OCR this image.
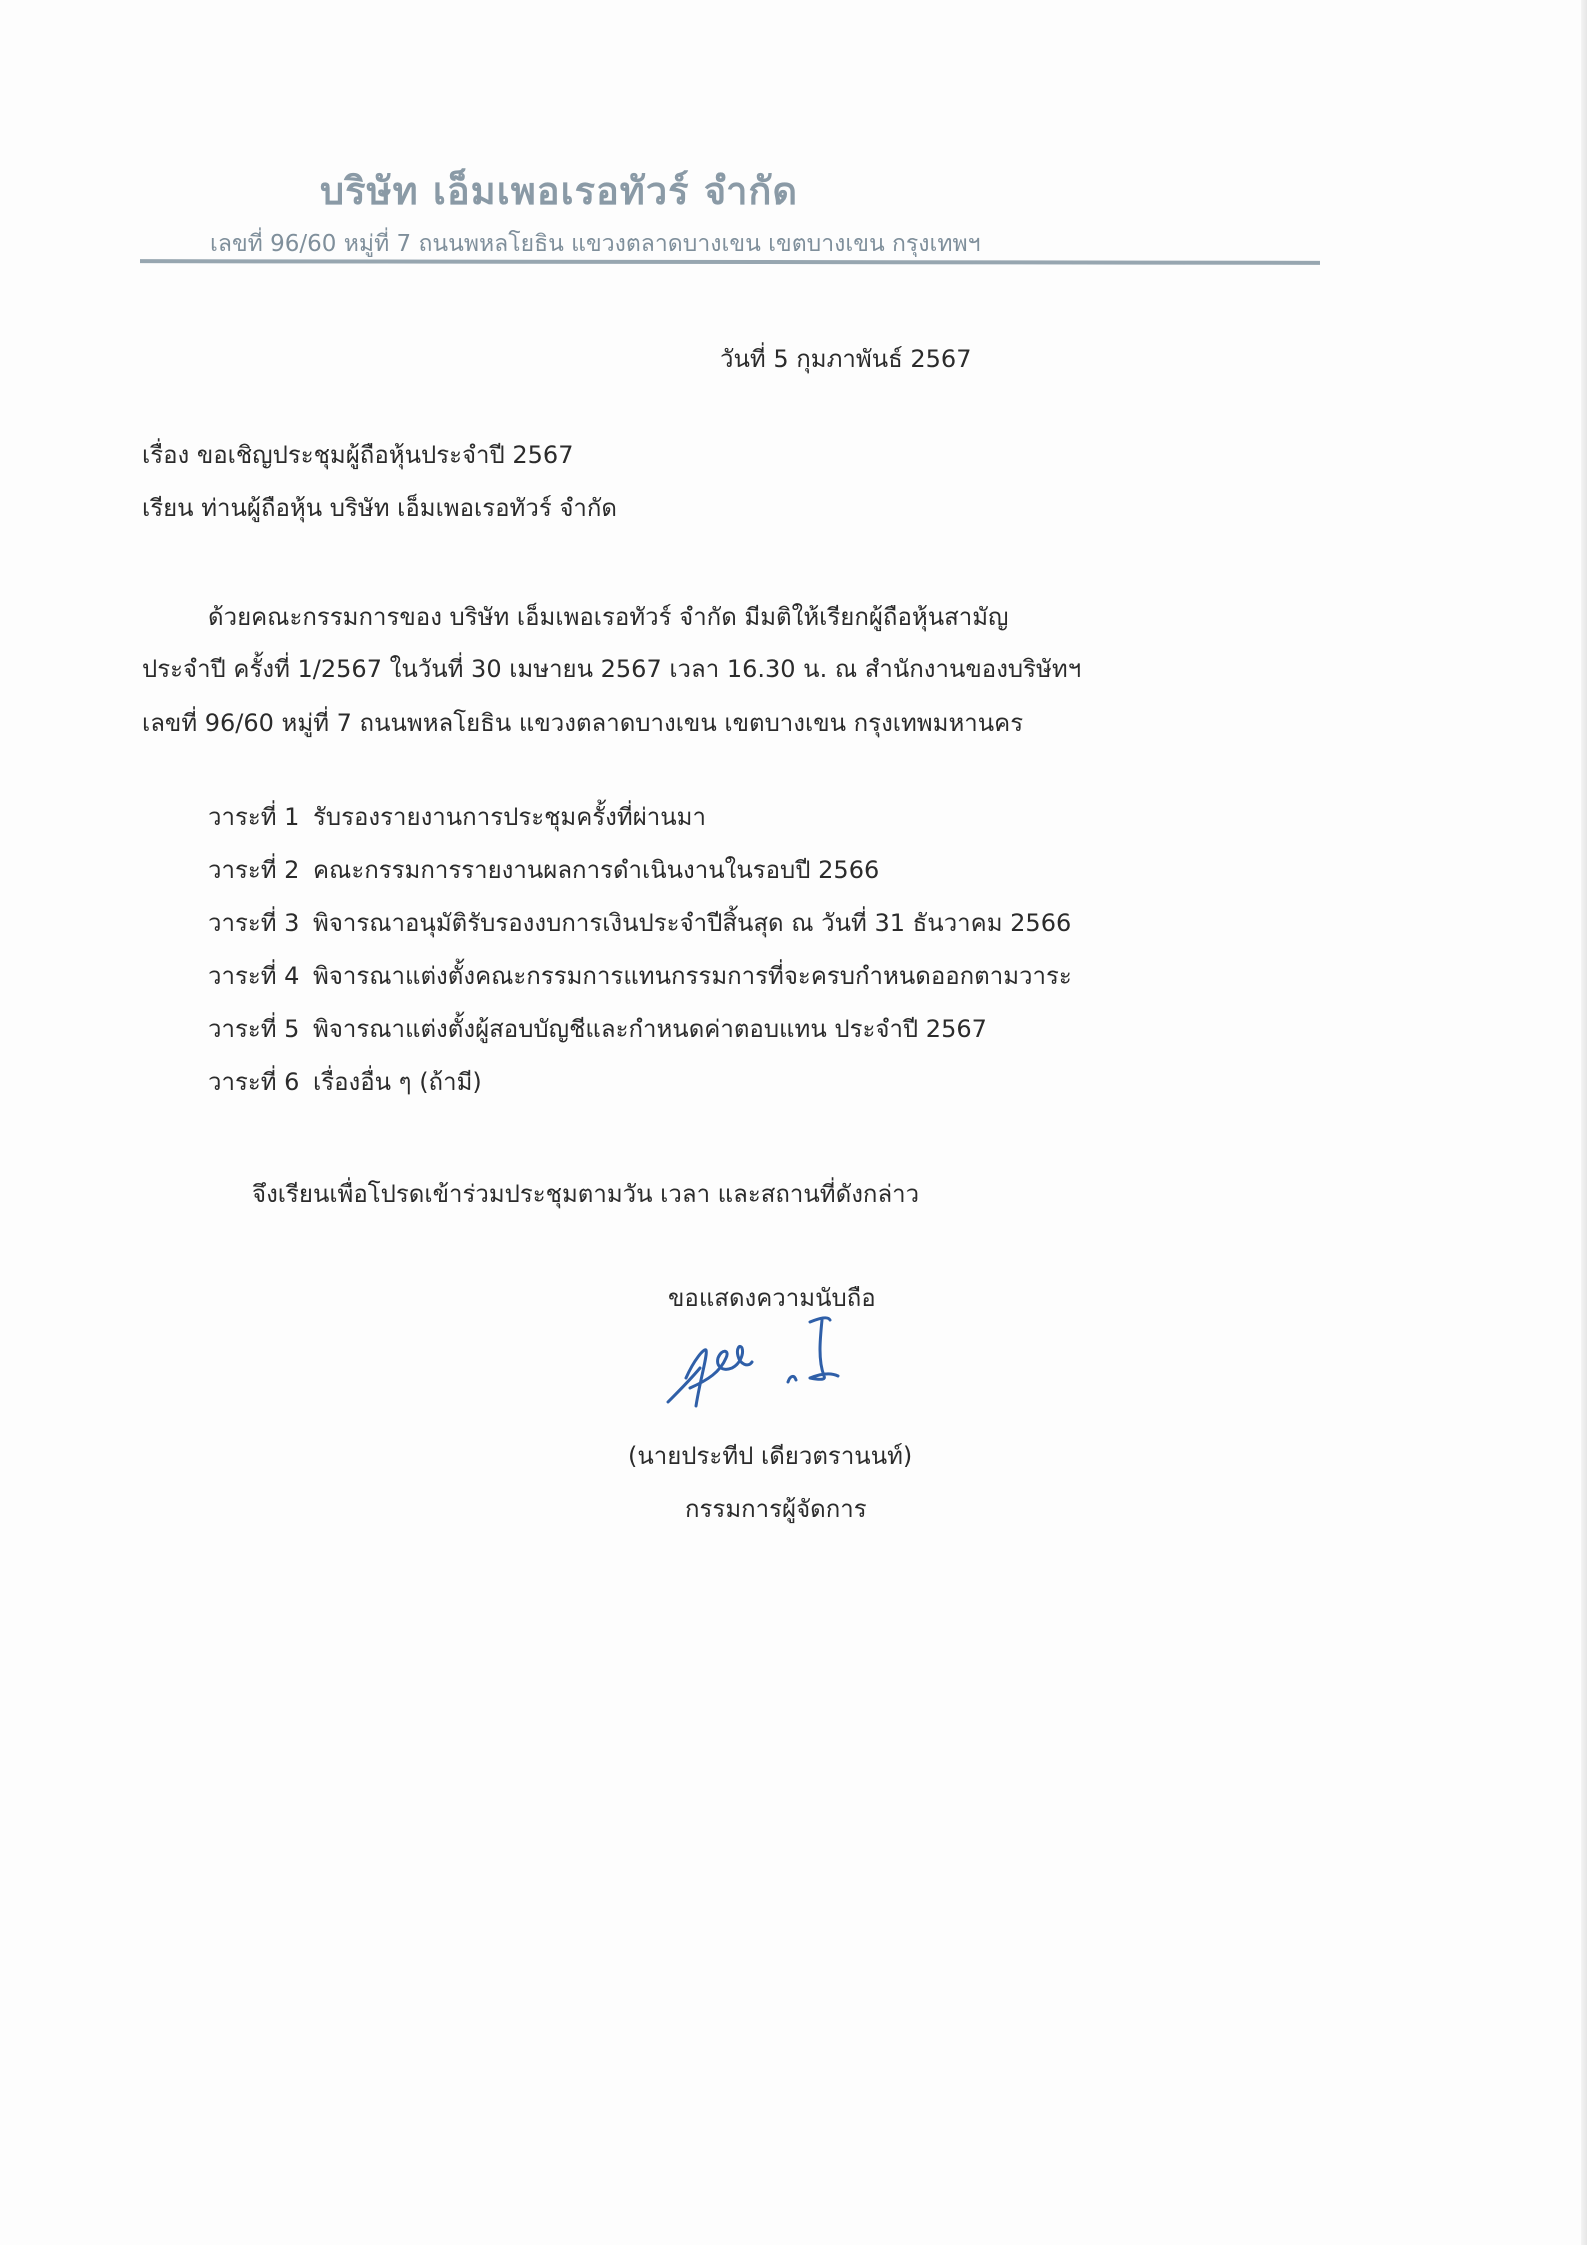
บริษัท เอ็มเพอเรอทัวร์ จำกัด
เลขที่ 96/60 หมู่ที่ 7 ถนนพหลโยธิน แขวงตลาดบางเขน เขตบางเขน กรุงเทพฯ
วันที่ 5 กุมภาพันธ์ 2567
เรื่อง ขอเชิญประชุมผู้ถือหุ้นประจำปี 2567
เรียน ท่านผู้ถือหุ้น บริษัท เอ็มเพอเรอทัวร์ จำกัด
ด้วยคณะกรรมการของ บริษัท เอ็มเพอเรอทัวร์ จำกัด มีมติให้เรียกผู้ถือหุ้นสามัญ
ประจำปี ครั้งที่ 1/2567 ในวันที่ 30 เมษายน 2567 เวลา 16.30 น. ณ สำนักงานของบริษัทฯ
เลขที่ 96/60 หมู่ที่ 7 ถนนพหลโยธิน แขวงตลาดบางเขน เขตบางเขน กรุงเทพมหานคร
วาระที่ 1 รับรองรายงานการประชุมครั้งที่ผ่านมา
วาระที่ 2 คณะกรรมการรายงานผลการดำเนินงานในรอบปี 2566
วาระที่ 3 พิจารณาอนุมัติรับรองงบการเงินประจำปีสิ้นสุด ณ วันที่ 31 ธันวาคม 2566
วาระที่ 4 พิจารณาแต่งตั้งคณะกรรมการแทนกรรมการที่จะครบกำหนดออกตามวาระ
วาระที่ 5 พิจารณาแต่งตั้งผู้สอบบัญชีและกำหนดค่าตอบแทน ประจำปี 2567
วาระที่ 6 เรื่องอื่น ๆ (ถ้ามี)
จึงเรียนเพื่อโปรดเข้าร่วมประชุมตามวัน เวลา และสถานที่ดังกล่าว
ขอแสดงความนับถือ
(นายประทีป เดียวตรานนท์)
กรรมการผู้จัดการ
